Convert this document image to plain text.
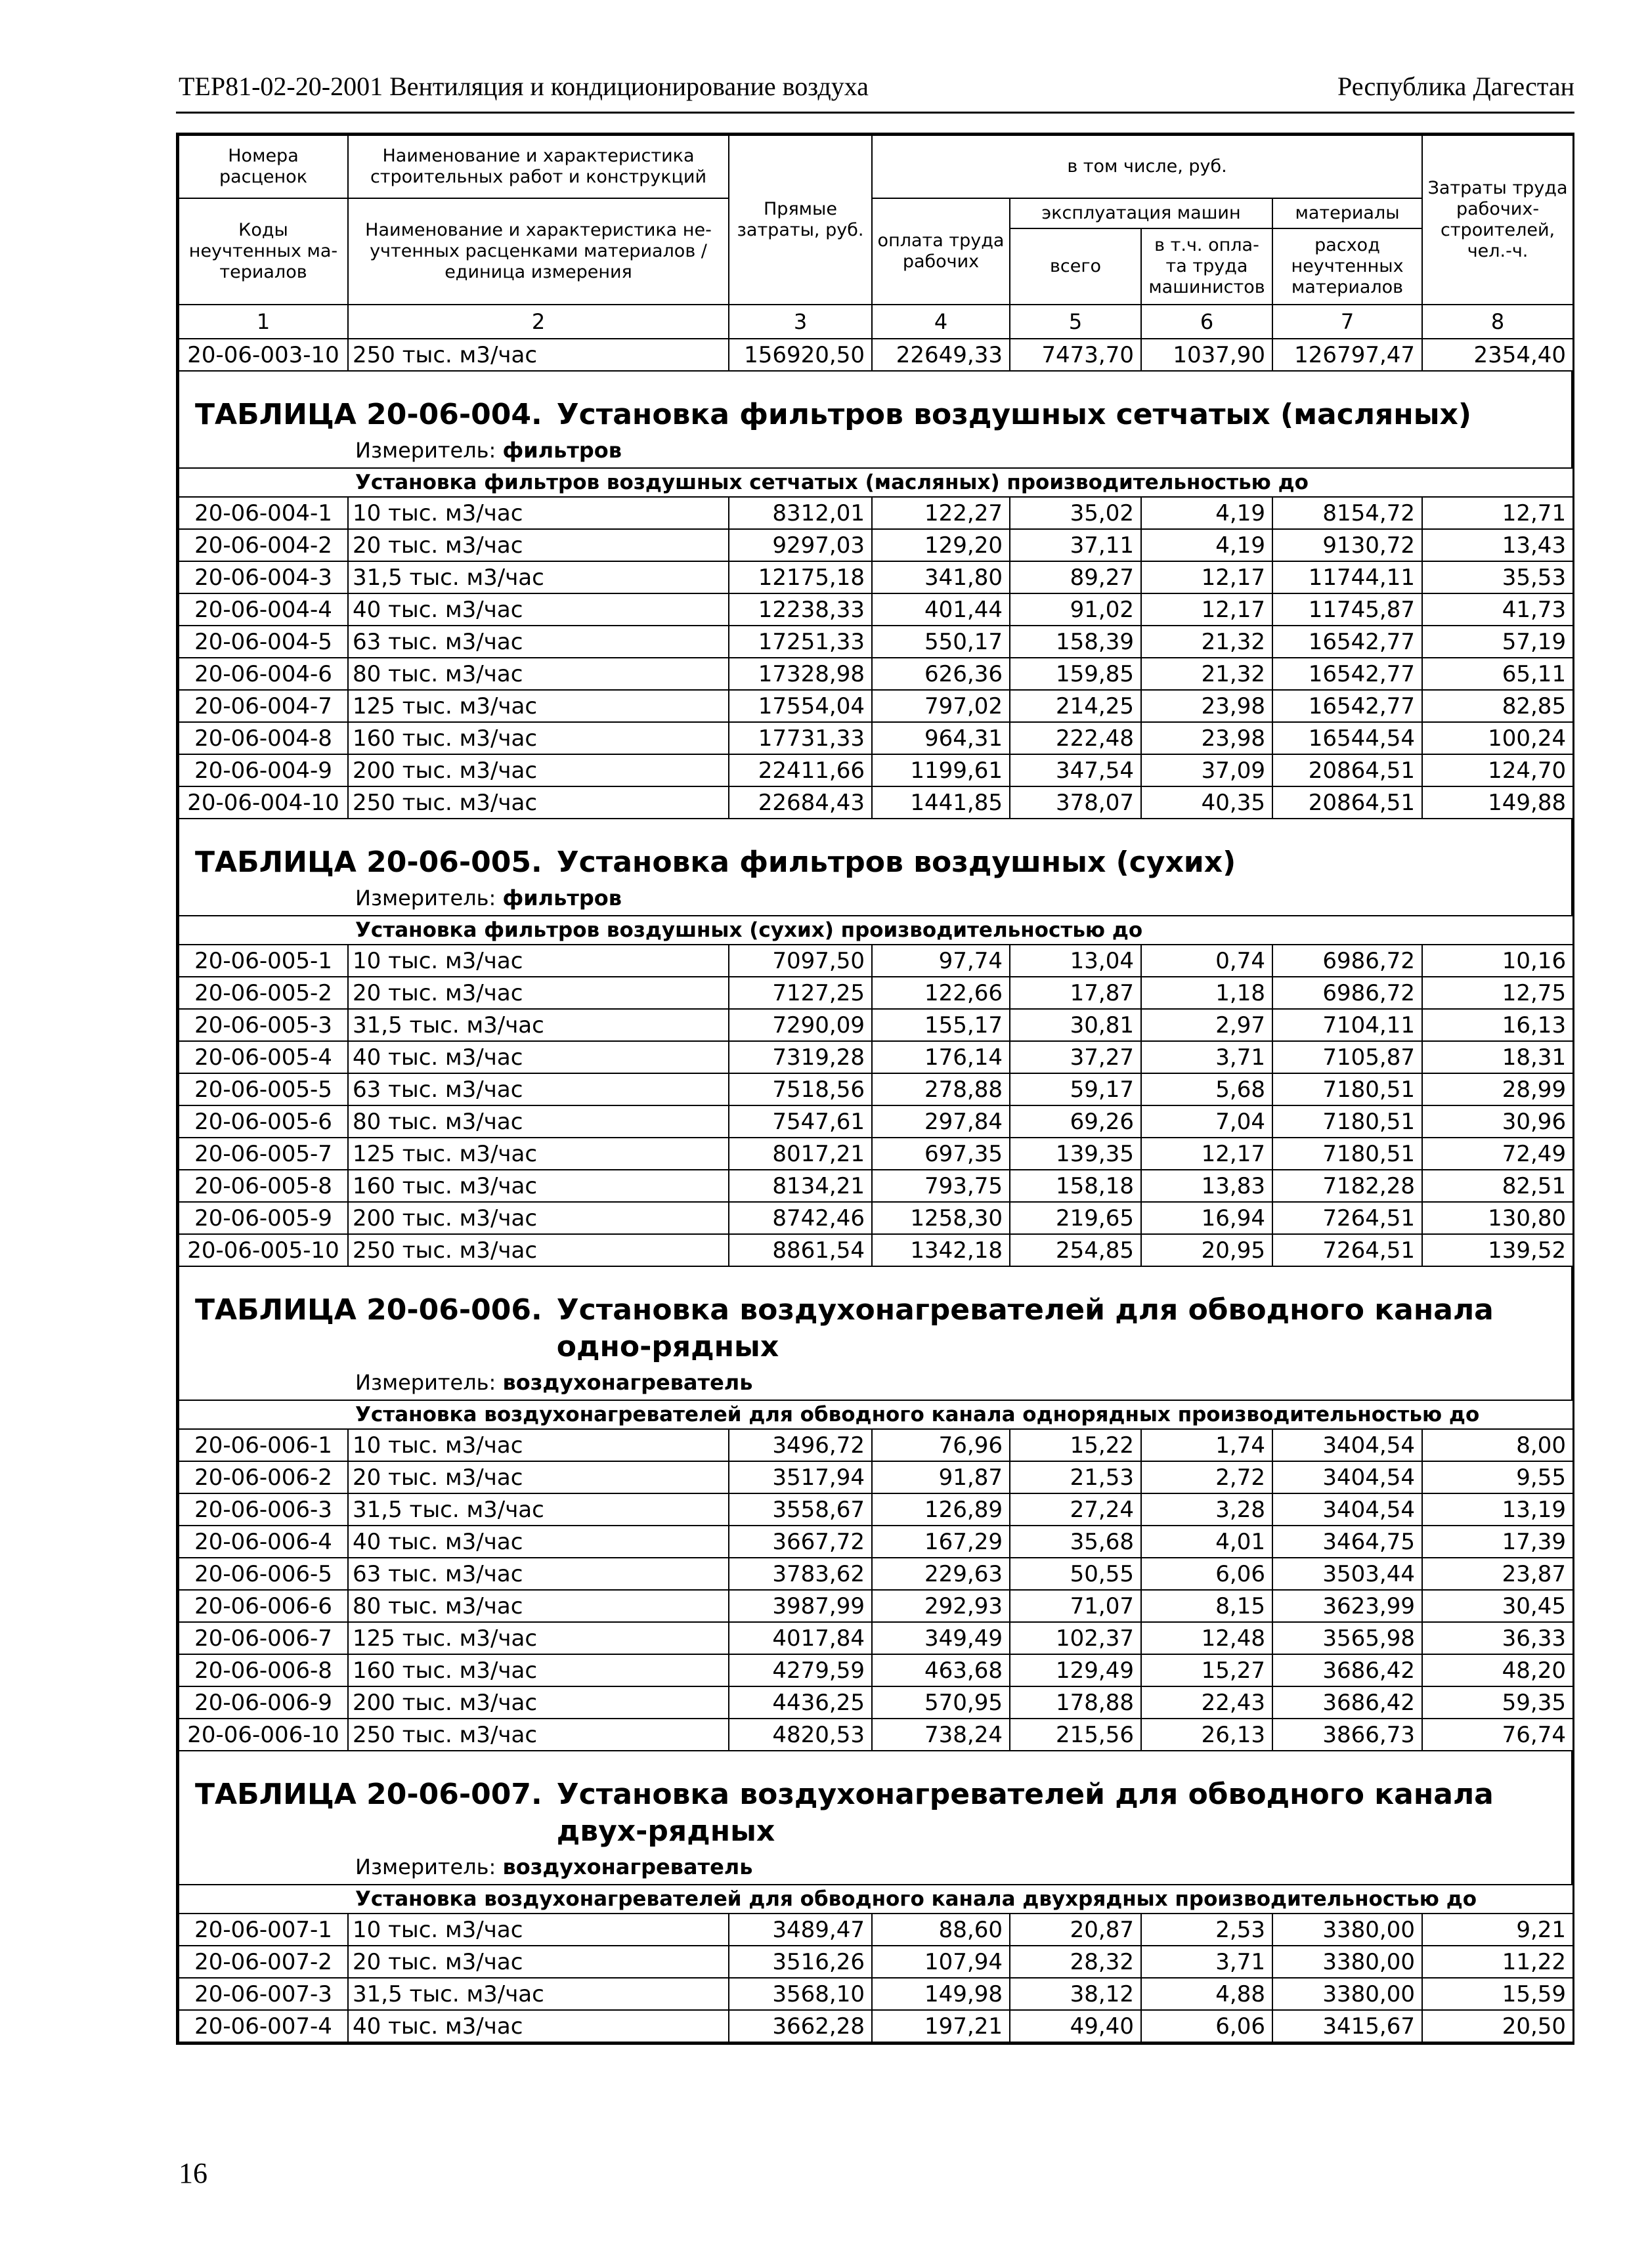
ТЕР81-02-20-2001 Вентиляция и кондиционирование воздуха	Республика Дагестан
Номера расценок	Наименование и характеристика строительных работ и конструкций	Прямые затраты, руб.	в том числе, руб.				Затраты труда рабочих-строителей, чел.-ч.
Коды неучтенных ма-териалов	Наименование и характеристика не-учтенных расценками материалов / единица измерения		оплата труда рабочих	эксплуатация машин		материалы	
				всего	в т.ч. опла-та труда машинистов	расход неучтенных материалов	
1	2	3	4	5	6	7	8
20-06-003-10	250 тыс. м3/час	156920,50	22649,33	7473,70	1037,90	126797,47	2354,40
ТАБЛИЦА 20-06-004. Установка фильтров воздушных сетчатых (масляных)
Измеритель: фильтров
Установка фильтров воздушных сетчатых (масляных) производительностью до							
20-06-004-1	10 тыс. м3/час	8312,01	122,27	35,02	4,19	8154,72	12,71
20-06-004-2	20 тыс. м3/час	9297,03	129,20	37,11	4,19	9130,72	13,43
20-06-004-3	31,5 тыс. м3/час	12175,18	341,80	89,27	12,17	11744,11	35,53
20-06-004-4	40 тыс. м3/час	12238,33	401,44	91,02	12,17	11745,87	41,73
20-06-004-5	63 тыс. м3/час	17251,33	550,17	158,39	21,32	16542,77	57,19
20-06-004-6	80 тыс. м3/час	17328,98	626,36	159,85	21,32	16542,77	65,11
20-06-004-7	125 тыс. м3/час	17554,04	797,02	214,25	23,98	16542,77	82,85
20-06-004-8	160 тыс. м3/час	17731,33	964,31	222,48	23,98	16544,54	100,24
20-06-004-9	200 тыс. м3/час	22411,66	1199,61	347,54	37,09	20864,51	124,70
20-06-004-10	250 тыс. м3/час	22684,43	1441,85	378,07	40,35	20864,51	149,88
ТАБЛИЦА 20-06-005. Установка фильтров воздушных (сухих)
Измеритель: фильтров
Установка фильтров воздушных (сухих) производительностью до							
20-06-005-1	10 тыс. м3/час	7097,50	97,74	13,04	0,74	6986,72	10,16
20-06-005-2	20 тыс. м3/час	7127,25	122,66	17,87	1,18	6986,72	12,75
20-06-005-3	31,5 тыс. м3/час	7290,09	155,17	30,81	2,97	7104,11	16,13
20-06-005-4	40 тыс. м3/час	7319,28	176,14	37,27	3,71	7105,87	18,31
20-06-005-5	63 тыс. м3/час	7518,56	278,88	59,17	5,68	7180,51	28,99
20-06-005-6	80 тыс. м3/час	7547,61	297,84	69,26	7,04	7180,51	30,96
20-06-005-7	125 тыс. м3/час	8017,21	697,35	139,35	12,17	7180,51	72,49
20-06-005-8	160 тыс. м3/час	8134,21	793,75	158,18	13,83	7182,28	82,51
20-06-005-9	200 тыс. м3/час	8742,46	1258,30	219,65	16,94	7264,51	130,80
20-06-005-10	250 тыс. м3/час	8861,54	1342,18	254,85	20,95	7264,51	139,52
ТАБЛИЦА 20-06-006. Установка воздухонагревателей для обводного канала одно-рядных
Измеритель: воздухонагреватель
Установка воздухонагревателей для обводного канала однорядных производительностью до							
20-06-006-1	10 тыс. м3/час	3496,72	76,96	15,22	1,74	3404,54	8,00
20-06-006-2	20 тыс. м3/час	3517,94	91,87	21,53	2,72	3404,54	9,55
20-06-006-3	31,5 тыс. м3/час	3558,67	126,89	27,24	3,28	3404,54	13,19
20-06-006-4	40 тыс. м3/час	3667,72	167,29	35,68	4,01	3464,75	17,39
20-06-006-5	63 тыс. м3/час	3783,62	229,63	50,55	6,06	3503,44	23,87
20-06-006-6	80 тыс. м3/час	3987,99	292,93	71,07	8,15	3623,99	30,45
20-06-006-7	125 тыс. м3/час	4017,84	349,49	102,37	12,48	3565,98	36,33
20-06-006-8	160 тыс. м3/час	4279,59	463,68	129,49	15,27	3686,42	48,20
20-06-006-9	200 тыс. м3/час	4436,25	570,95	178,88	22,43	3686,42	59,35
20-06-006-10	250 тыс. м3/час	4820,53	738,24	215,56	26,13	3866,73	76,74
ТАБЛИЦА 20-06-007. Установка воздухонагревателей для обводного канала двух-рядных
Измеритель: воздухонагреватель
Установка воздухонагревателей для обводного канала двухрядных производительностью до							
20-06-007-1	10 тыс. м3/час	3489,47	88,60	20,87	2,53	3380,00	9,21
20-06-007-2	20 тыс. м3/час	3516,26	107,94	28,32	3,71	3380,00	11,22
20-06-007-3	31,5 тыс. м3/час	3568,10	149,98	38,12	4,88	3380,00	15,59
20-06-007-4	40 тыс. м3/час	3662,28	197,21	49,40	6,06	3415,67	20,50
16
